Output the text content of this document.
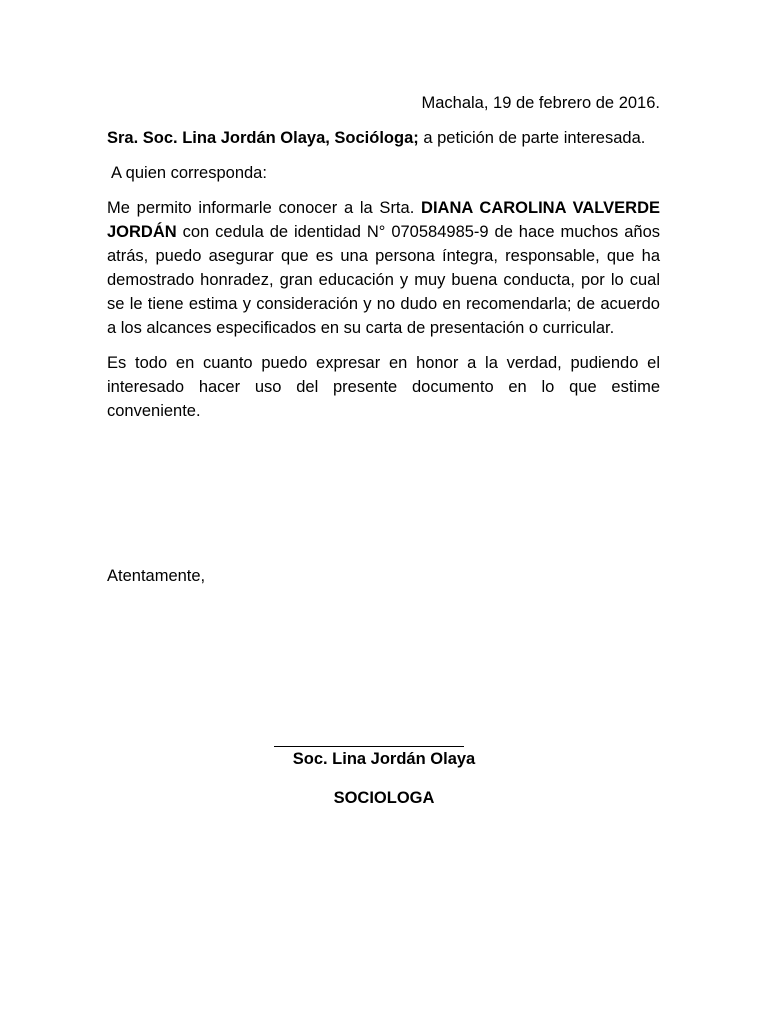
Machala, 19 de febrero de 2016.

Sra. Soc. Lina Jordán Olaya, Socióloga; a petición de parte interesada.

A quien corresponda:

Me permito informarle conocer a la Srta. DIANA CAROLINA VALVERDE JORDÁN con cedula de identidad N° 070584985-9 de hace muchos años atrás, puedo asegurar que es una persona íntegra, responsable, que ha demostrado honradez, gran educación y muy buena conducta, por lo cual se le tiene estima y consideración y no dudo en recomendarla; de acuerdo a los alcances especificados en su carta de presentación o curricular.

Es todo en cuanto puedo expresar en honor a la verdad, pudiendo el interesado hacer uso del presente documento en lo que estime conveniente.

Atentamente,

Soc. Lina Jordán Olaya

SOCIOLOGA
